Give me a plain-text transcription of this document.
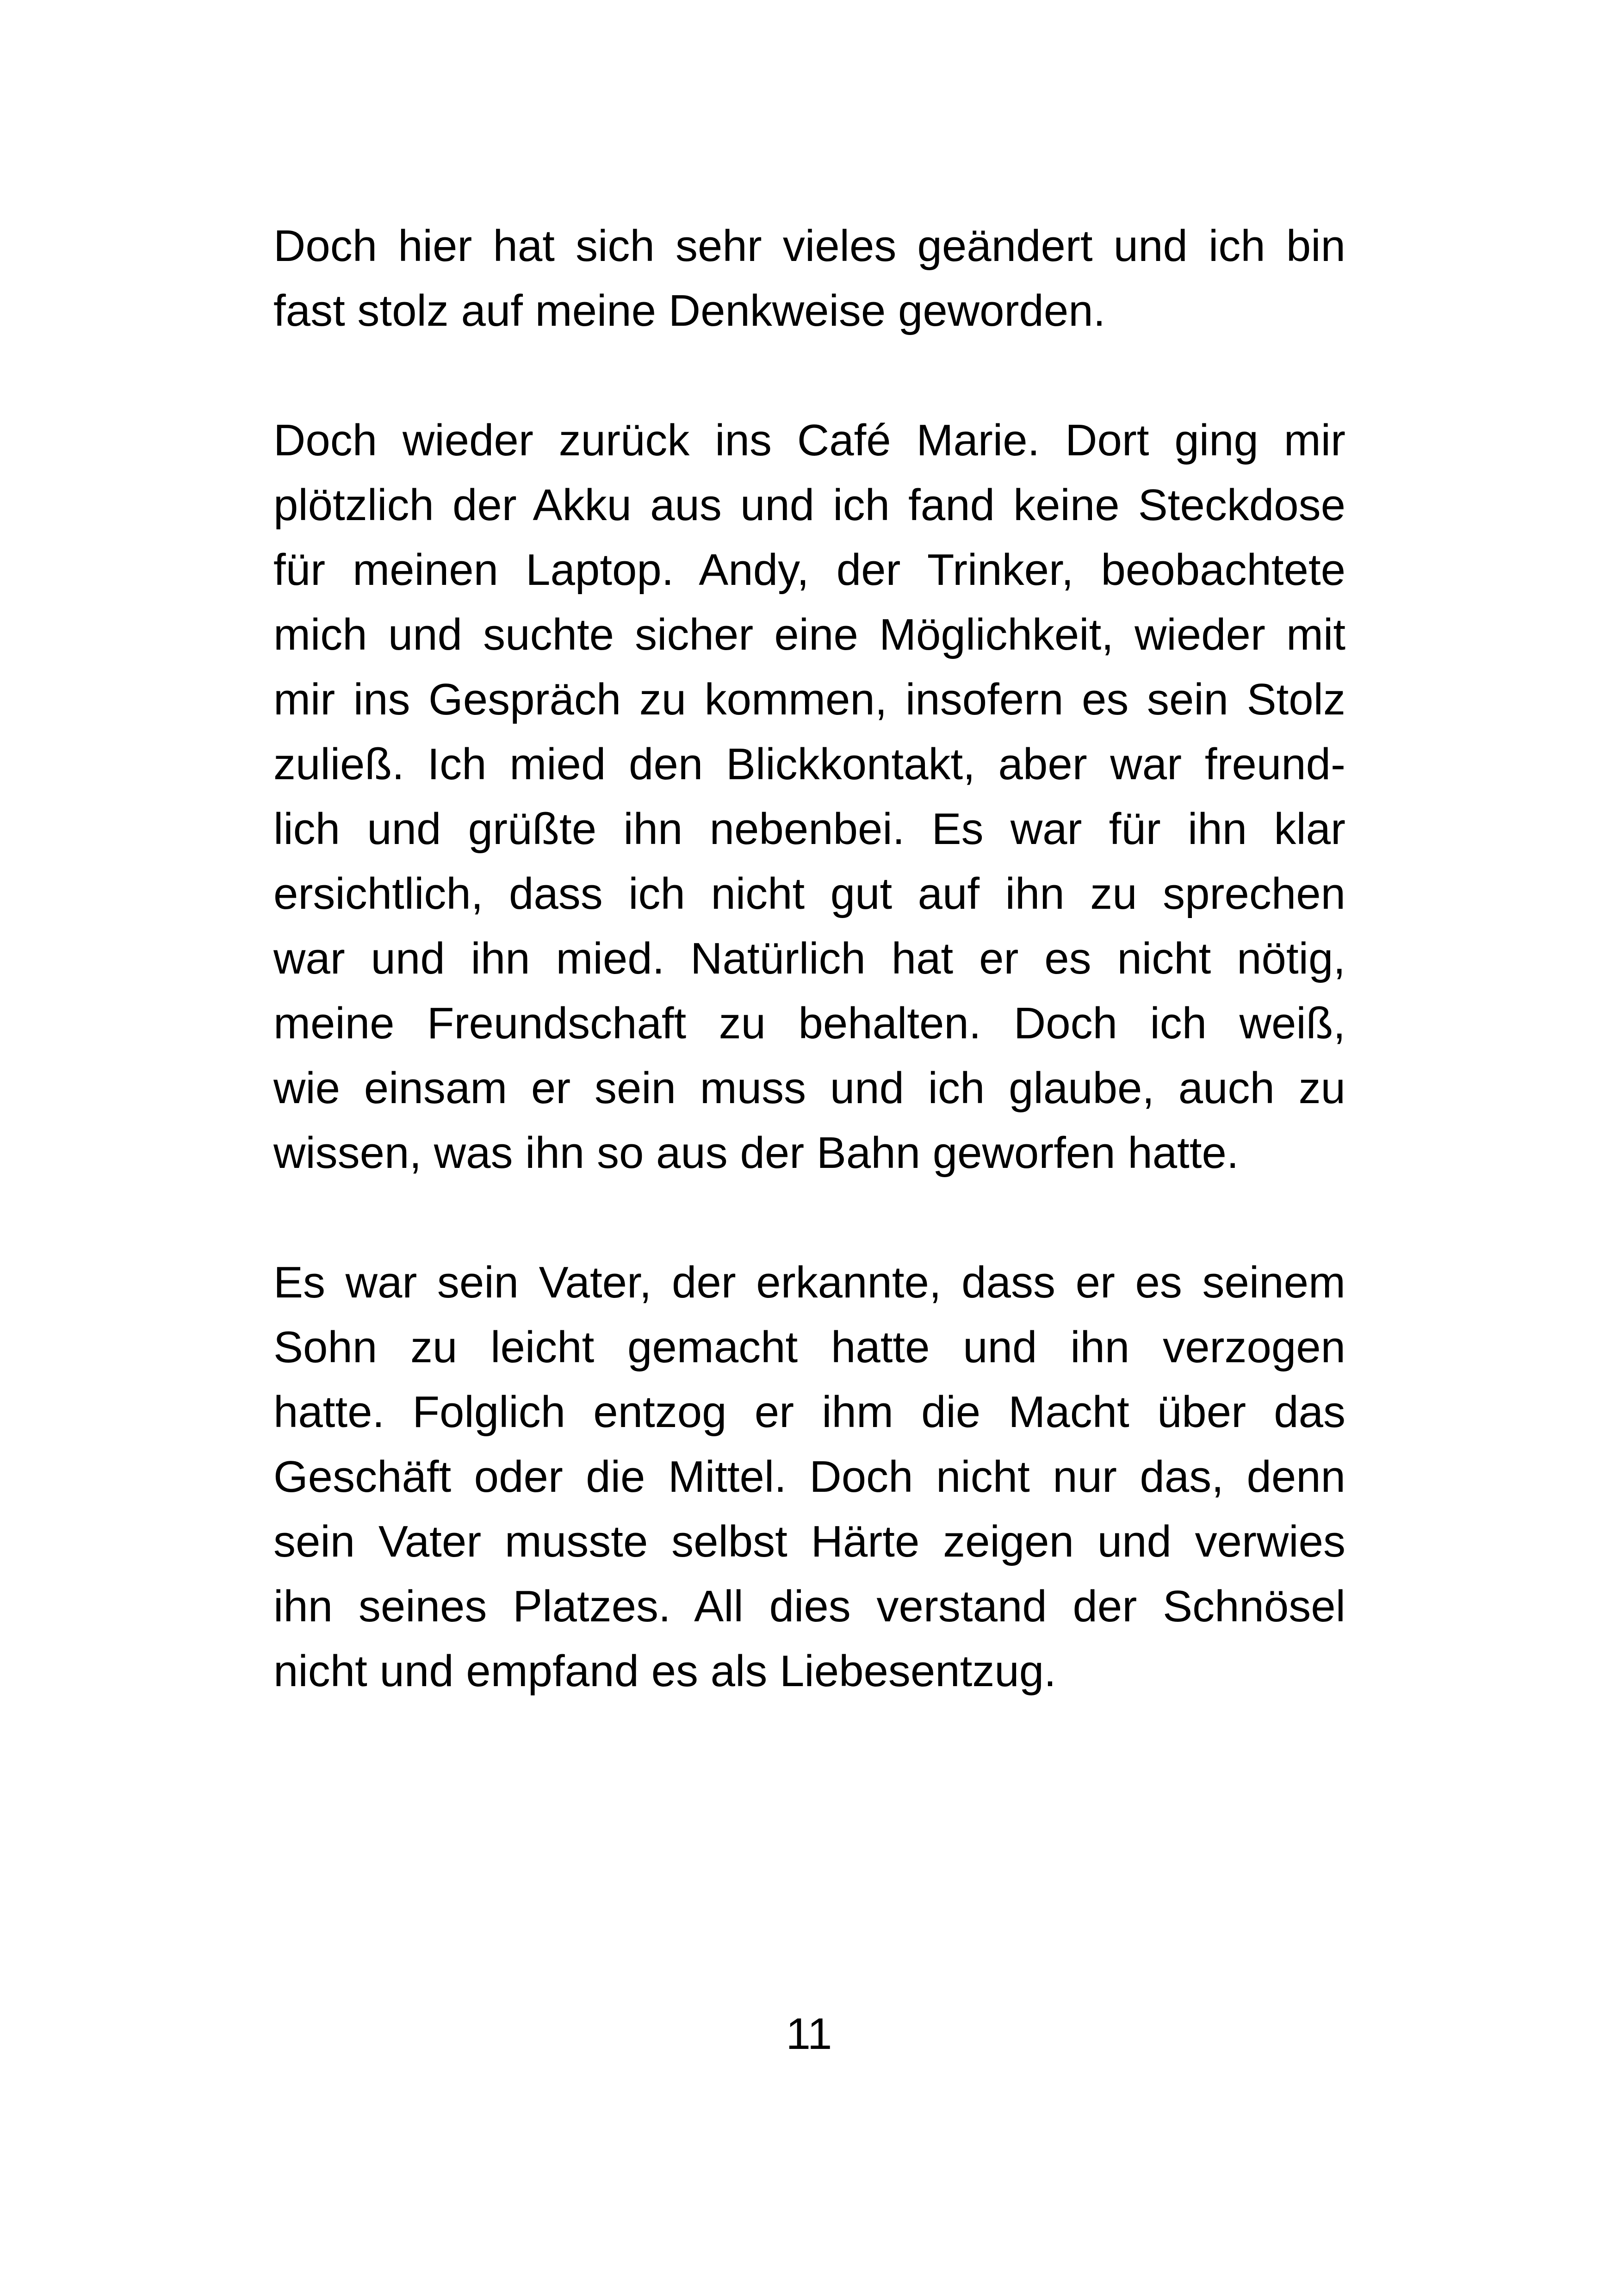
Doch hier hat sich sehr vieles geändert und ich bin
fast stolz auf meine Denkweise geworden.
Doch wieder zurück ins Café Marie. Dort ging mir
plötzlich der Akku aus und ich fand keine Steckdose
für meinen Laptop. Andy, der Trinker, beobachtete
mich und suchte sicher eine Möglichkeit, wieder mit
mir ins Gespräch zu kommen, insofern es sein Stolz
zuließ. Ich mied den Blickkontakt, aber war freund-
lich und grüßte ihn nebenbei. Es war für ihn klar
ersichtlich, dass ich nicht gut auf ihn zu sprechen
war und ihn mied. Natürlich hat er es nicht nötig,
meine Freundschaft zu behalten. Doch ich weiß,
wie einsam er sein muss und ich glaube, auch zu
wissen, was ihn so aus der Bahn geworfen hatte.
Es war sein Vater, der erkannte, dass er es seinem
Sohn zu leicht gemacht hatte und ihn verzogen
hatte. Folglich entzog er ihm die Macht über das
Geschäft oder die Mittel. Doch nicht nur das, denn
sein Vater musste selbst Härte zeigen und verwies
ihn seines Platzes. All dies verstand der Schnösel
nicht und empfand es als Liebesentzug.
11
